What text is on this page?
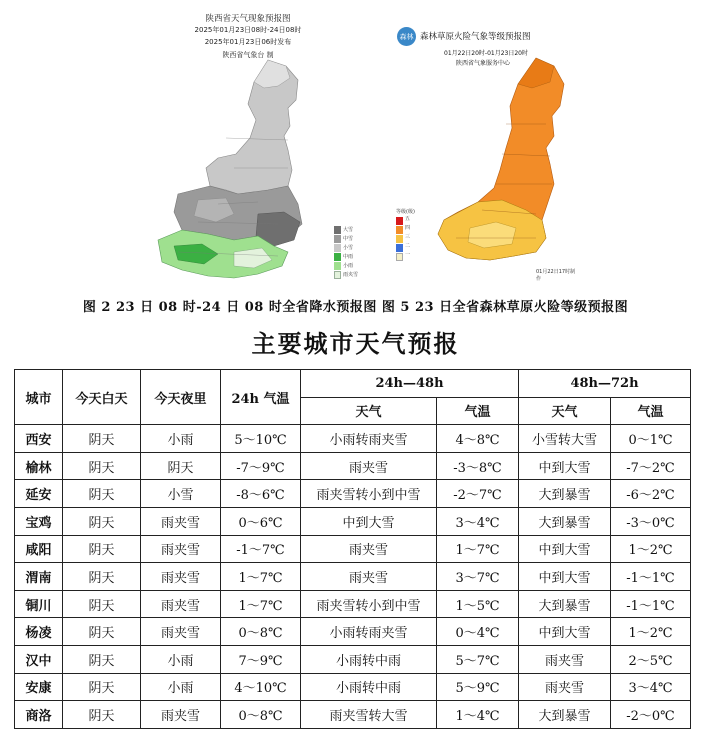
陕西省天气现象预报图
2025年01月23日08时-24日08时
2025年01月23日06时发布
陕西省气象台 制
大雪
中雪
小雪
中雨
小雨
雨夹雪
森林 森林草原火险气象等级预报图
01月22日20时-01月23日20时
陕西省气象服务中心
等级(级)
五
四
三
二
一
01月22日17时制作
图 2 23 日 08 时-24 日 08 时全省降水预报图 图 5 23 日全省森林草原火险等级预报图
主要城市天气预报
城市	今天白天	今天夜里	24h 气温	24h—48h		48h—72h	
				天气	气温	天气	气温
西安	阴天	小雨	5～10℃	小雨转雨夹雪	4～8℃	小雪转大雪	0～1℃
榆林	阴天	阴天	-7～9℃	雨夹雪	-3～8℃	中到大雪	-7～2℃
延安	阴天	小雪	-8～6℃	雨夹雪转小到中雪	-2～7℃	大到暴雪	-6～2℃
宝鸡	阴天	雨夹雪	0～6℃	中到大雪	3～4℃	大到暴雪	-3～0℃
咸阳	阴天	雨夹雪	-1～7℃	雨夹雪	1～7℃	中到大雪	1～2℃
渭南	阴天	雨夹雪	1～7℃	雨夹雪	3～7℃	中到大雪	-1～1℃
铜川	阴天	雨夹雪	1～7℃	雨夹雪转小到中雪	1～5℃	大到暴雪	-1～1℃
杨凌	阴天	雨夹雪	0～8℃	小雨转雨夹雪	0～4℃	中到大雪	1～2℃
汉中	阴天	小雨	7～9℃	小雨转中雨	5～7℃	雨夹雪	2～5℃
安康	阴天	小雨	4～10℃	小雨转中雨	5～9℃	雨夹雪	3～4℃
商洛	阴天	雨夹雪	0～8℃	雨夹雪转大雪	1～4℃	大到暴雪	-2～0℃
